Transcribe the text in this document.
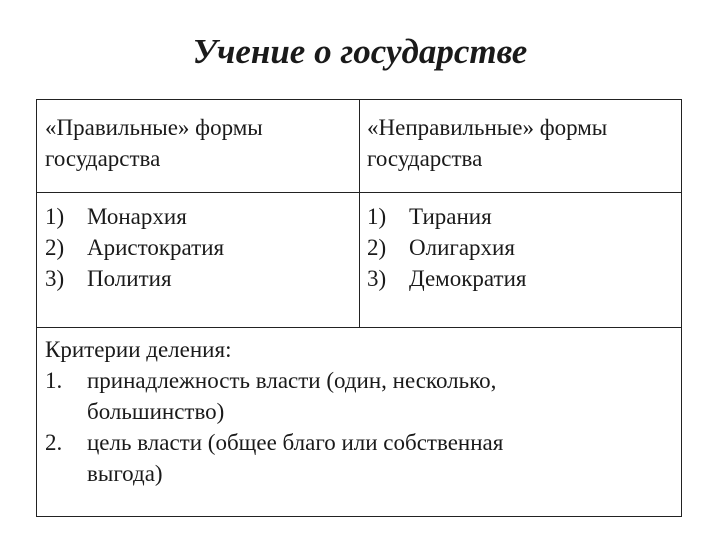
Учение о государстве
«Правильные» формы
государства
«Неправильные» формы
государства
1) Монархия
2) Аристократия
3) Полития
1) Тирания
2) Олигархия
3) Демократия
Критерии деления:
1.	принадлежность власти (один, несколько,
большинство)
2.	цель власти (общее благо или собственная
выгода)
